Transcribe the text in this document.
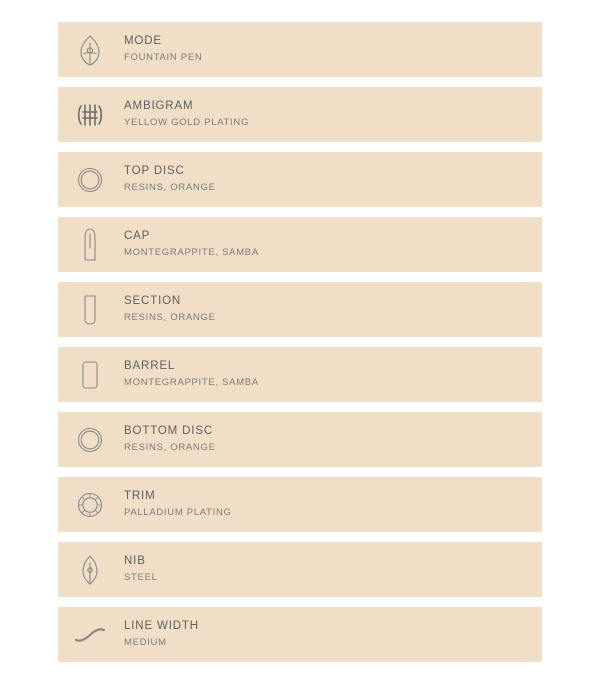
MODE
FOUNTAIN PEN
AMBIGRAM
YELLOW GOLD PLATING
TOP DISC
RESINS, ORANGE
CAP
MONTEGRAPPITE, SAMBA
SECTION
RESINS, ORANGE
BARREL
MONTEGRAPPITE, SAMBA
BOTTOM DISC
RESINS, ORANGE
TRIM
PALLADIUM PLATING
NIB
STEEL
LINE WIDTH
MEDIUM
